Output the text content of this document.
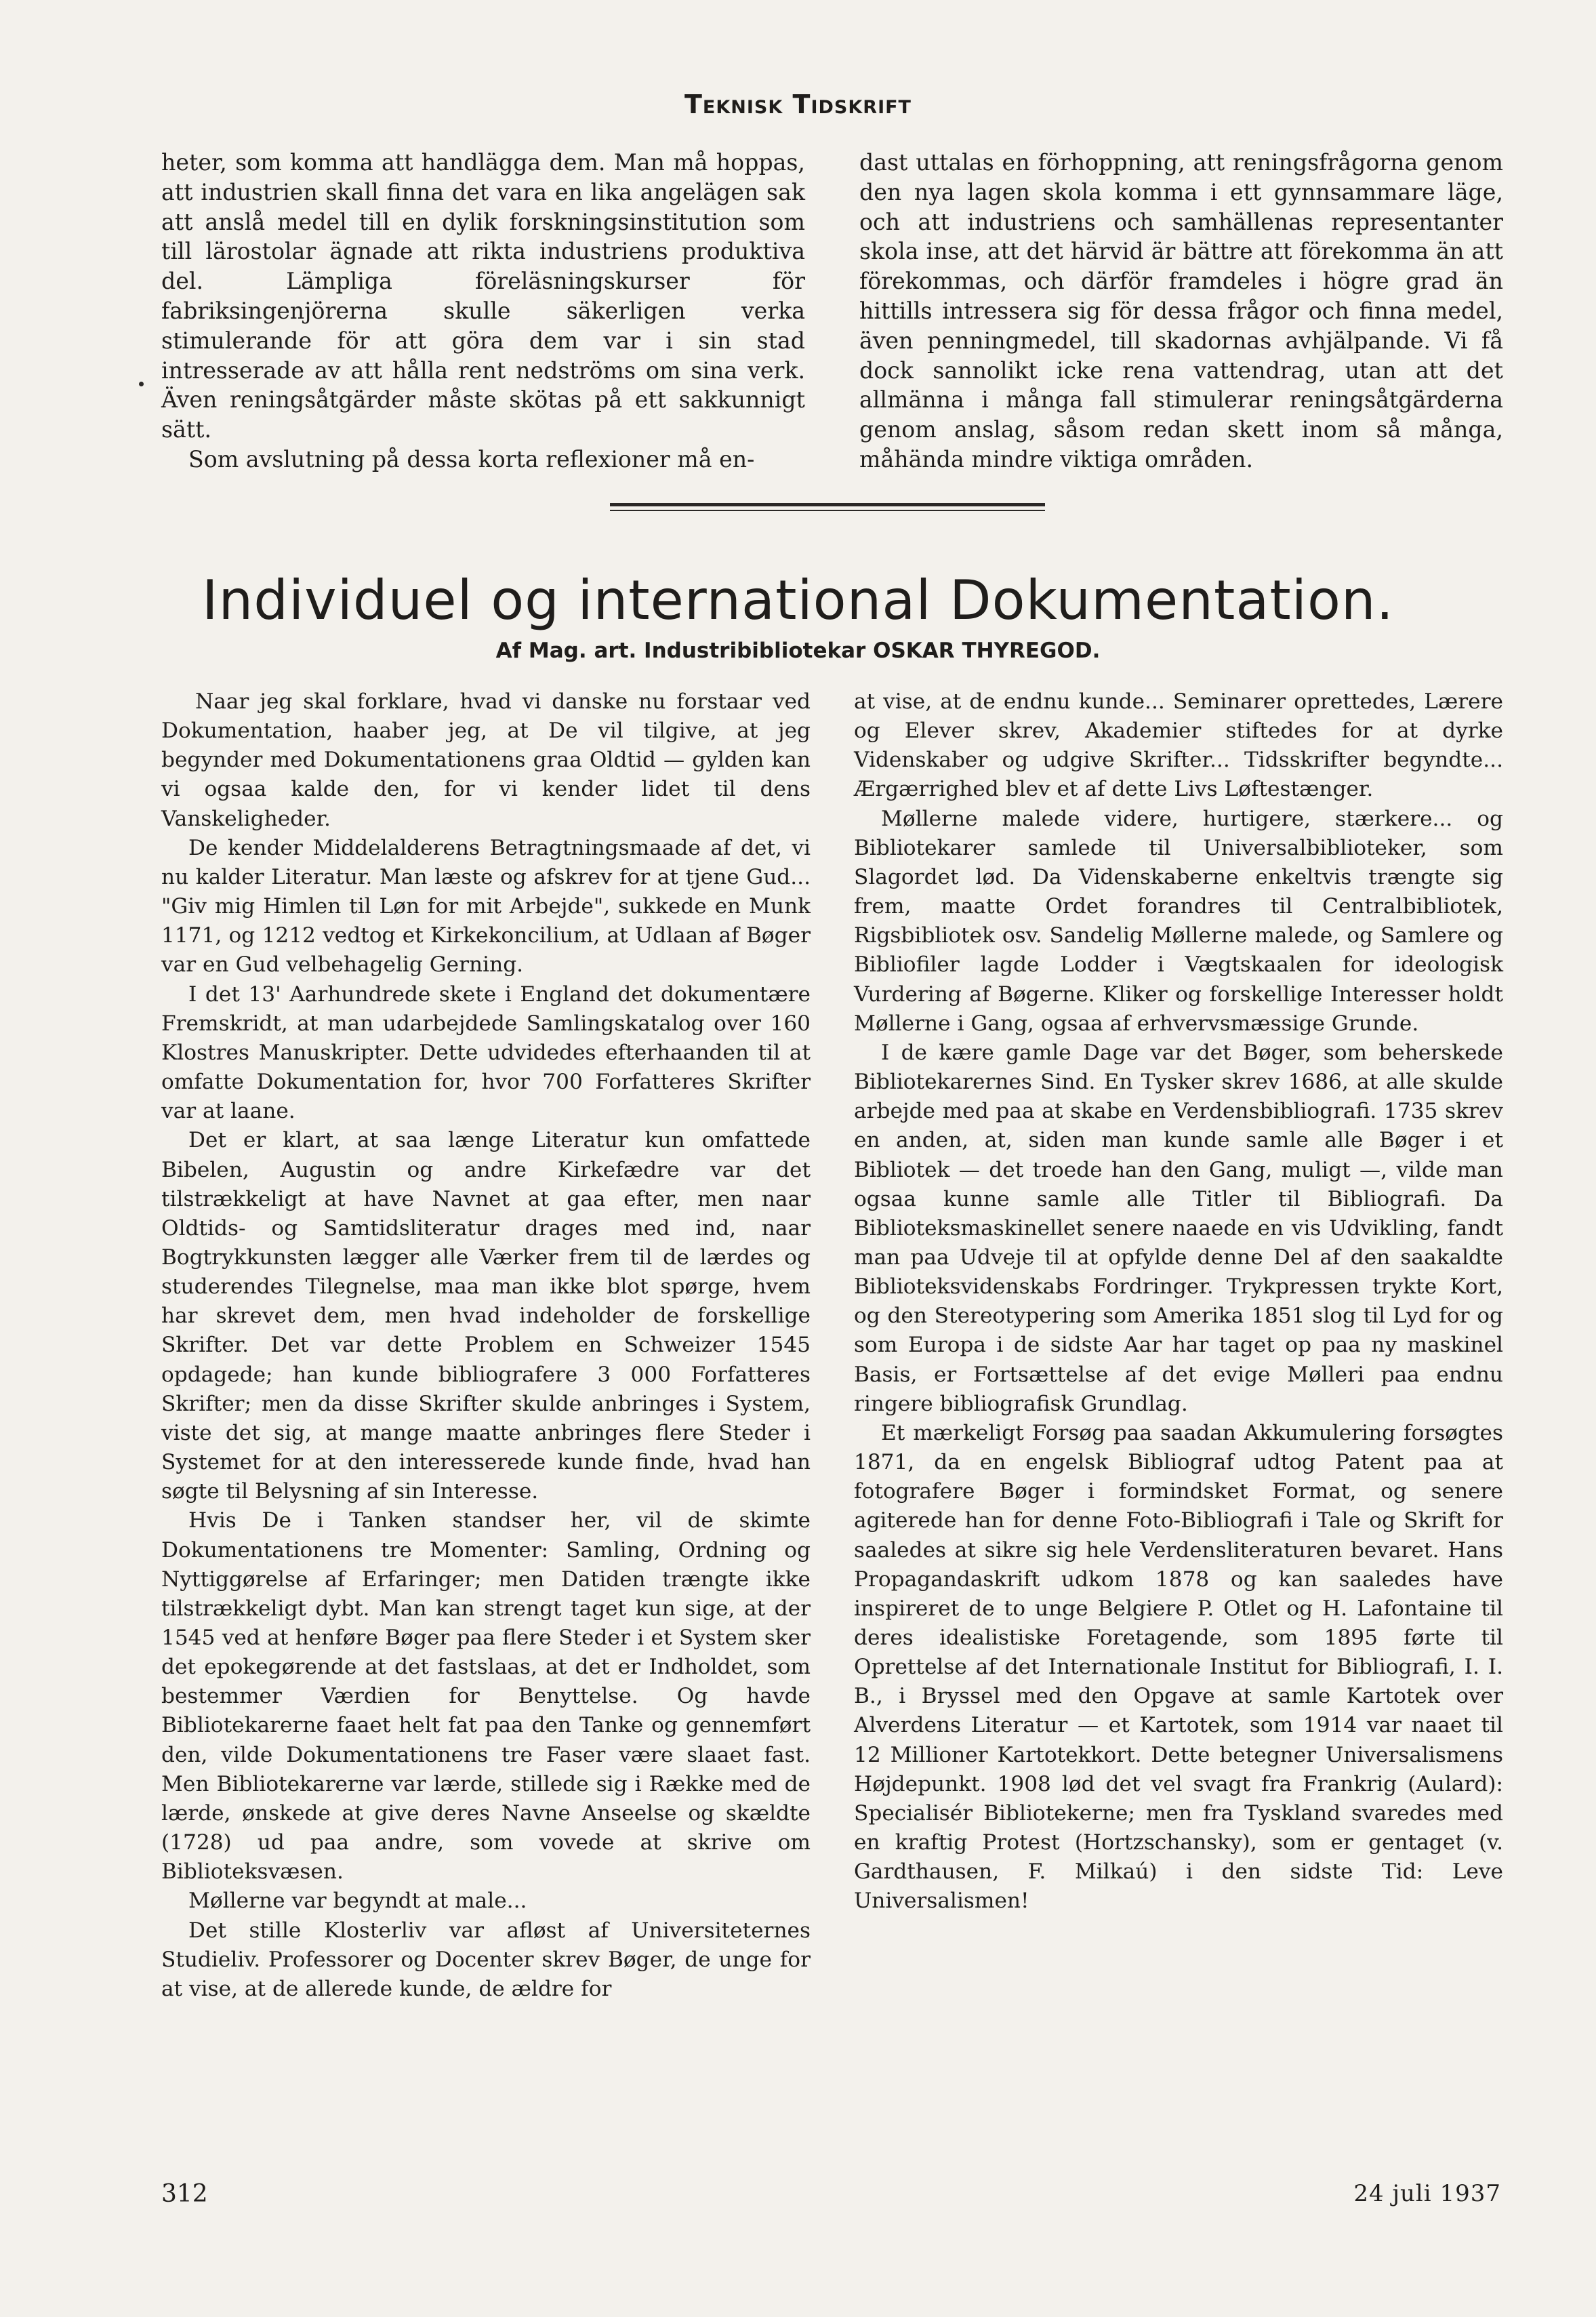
Teknisk Tidskrift

heter, som komma att handlägga dem. Man må hoppas, att industrien skall finna det vara en lika angelägen sak att anslå medel till en dylik forskningsinstitution som till lärostolar ägnade att rikta industriens produktiva del. Lämpliga föreläsningskurser för fabriksingenjörerna skulle säkerligen verka stimulerande för att göra dem var i sin stad intresserade av att hålla rent nedströms om sina verk. Även reningsåtgärder måste skötas på ett sakkunnigt sätt.

Som avslutning på dessa korta reflexioner må en-

dast uttalas en förhoppning, att reningsfrågorna genom den nya lagen skola komma i ett gynnsammare läge, och att industriens och samhällenas representanter skola inse, att det härvid är bättre att förekomma än att förekommas, och därför framdeles i högre grad än hittills intressera sig för dessa frågor och finna medel, även penningmedel, till skadornas avhjälpande. Vi få dock sannolikt icke rena vattendrag, utan att det allmänna i många fall stimulerar reningsåtgärderna genom anslag, såsom redan skett inom så många, måhända mindre viktiga områden.

Individuel og international Dokumentation.
Af Mag. art. Industribibliotekar OSKAR THYREGOD.

Naar jeg skal forklare, hvad vi danske nu forstaar ved Dokumentation, haaber jeg, at De vil tilgive, at jeg begynder med Dokumentationens graa Oldtid — gylden kan vi ogsaa kalde den, for vi kender lidet til dens Vanskeligheder.

De kender Middelalderens Betragtningsmaade af det, vi nu kalder Literatur. Man læste og afskrev for at tjene Gud... "Giv mig Himlen til Løn for mit Arbejde", sukkede en Munk 1171, og 1212 vedtog et Kirkekoncilium, at Udlaan af Bøger var en Gud velbehagelig Gerning.

I det 13' Aarhundrede skete i England det dokumentære Fremskridt, at man udarbejdede Samlingskatalog over 160 Klostres Manuskripter. Dette udvidedes efterhaanden til at omfatte Dokumentation for, hvor 700 Forfatteres Skrifter var at laane.

Det er klart, at saa længe Literatur kun omfattede Bibelen, Augustin og andre Kirkefædre var det tilstrækkeligt at have Navnet at gaa efter, men naar Oldtids- og Samtidsliteratur drages med ind, naar Bogtrykkunsten lægger alle Værker frem til de lærdes og studerendes Tilegnelse, maa man ikke blot spørge, hvem har skrevet dem, men hvad indeholder de forskellige Skrifter. Det var dette Problem en Schweizer 1545 opdagede; han kunde bibliografere 3 000 Forfatteres Skrifter; men da disse Skrifter skulde anbringes i System, viste det sig, at mange maatte anbringes flere Steder i Systemet for at den interesserede kunde finde, hvad han søgte til Belysning af sin Interesse.

Hvis De i Tanken standser her, vil de skimte Dokumentationens tre Momenter: Samling, Ordning og Nyttiggørelse af Erfaringer; men Datiden trængte ikke tilstrækkeligt dybt. Man kan strengt taget kun sige, at der 1545 ved at henføre Bøger paa flere Steder i et System sker det epokegørende at det fastslaas, at det er Indholdet, som bestemmer Værdien for Benyttelse. Og havde Bibliotekarerne faaet helt fat paa den Tanke og gennemført den, vilde Dokumentationens tre Faser være slaaet fast. Men Bibliotekarerne var lærde, stillede sig i Række med de lærde, ønskede at give deres Navne Anseelse og skældte (1728) ud paa andre, som vovede at skrive om Biblioteksvæsen.

Møllerne var begyndt at male...

Det stille Klosterliv var afløst af Universiteternes Studieliv. Professorer og Docenter skrev Bøger, de unge for at vise, at de allerede kunde, de ældre for

at vise, at de endnu kunde... Seminarer oprettedes, Lærere og Elever skrev, Akademier stiftedes for at dyrke Videnskaber og udgive Skrifter... Tidsskrifter begyndte... Ærgærrighed blev et af dette Livs Løftestænger.

Møllerne malede videre, hurtigere, stærkere... og Bibliotekarer samlede til Universalbiblioteker, som Slagordet lød. Da Videnskaberne enkeltvis trængte sig frem, maatte Ordet forandres til Centralbibliotek, Rigsbibliotek osv. Sandelig Møllerne malede, og Samlere og Bibliofiler lagde Lodder i Vægtskaalen for ideologisk Vurdering af Bøgerne. Kliker og forskellige Interesser holdt Møllerne i Gang, ogsaa af erhvervsmæssige Grunde.

I de kære gamle Dage var det Bøger, som beherskede Bibliotekarernes Sind. En Tysker skrev 1686, at alle skulde arbejde med paa at skabe en Verdensbibliografi. 1735 skrev en anden, at, siden man kunde samle alle Bøger i et Bibliotek — det troede han den Gang, muligt —, vilde man ogsaa kunne samle alle Titler til Bibliografi. Da Biblioteksmaskinellet senere naaede en vis Udvikling, fandt man paa Udveje til at opfylde denne Del af den saakaldte Biblioteksvidenskabs Fordringer. Trykpressen trykte Kort, og den Stereotypering som Amerika 1851 slog til Lyd for og som Europa i de sidste Aar har taget op paa ny maskinel Basis, er Fortsættelse af det evige Mølleri paa endnu ringere bibliografisk Grundlag.

Et mærkeligt Forsøg paa saadan Akkumulering forsøgtes 1871, da en engelsk Bibliograf udtog Patent paa at fotografere Bøger i formindsket Format, og senere agiterede han for denne Foto-Bibliografi i Tale og Skrift for saaledes at sikre sig hele Verdensliteraturen bevaret. Hans Propagandaskrift udkom 1878 og kan saaledes have inspireret de to unge Belgiere P. Otlet og H. Lafontaine til deres idealistiske Foretagende, som 1895 førte til Oprettelse af det Internationale Institut for Bibliografi, I. I. B., i Bryssel med den Opgave at samle Kartotek over Alverdens Literatur — et Kartotek, som 1914 var naaet til 12 Millioner Kartotekkort. Dette betegner Universalismens Højdepunkt. 1908 lød det vel svagt fra Frankrig (Aulard): Specialisér Bibliotekerne; men fra Tyskland svaredes med en kraftig Protest (Hortzschansky), som er gentaget (v. Gardthausen, F. Milkaú) i den sidste Tid: Leve Universalismen!

312	24 juli 1937
